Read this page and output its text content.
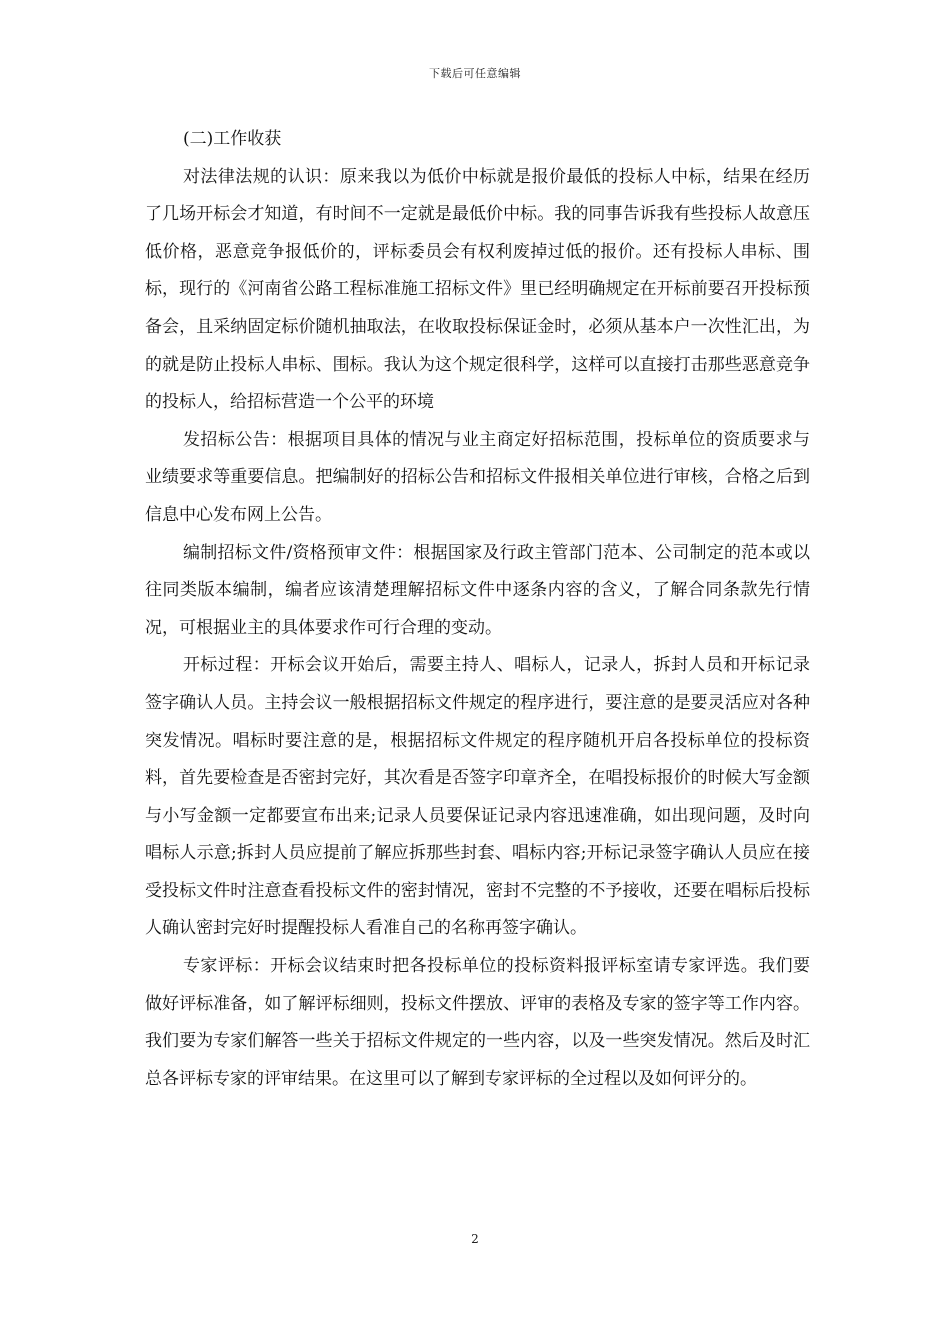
下载后可任意编辑

(二)工作收获

对法律法规的认识：原来我以为低价中标就是报价最低的投标人中标，结果在经历了几场开标会才知道，有时间不一定就是最低价中标。我的同事告诉我有些投标人故意压低价格，恶意竞争报低价的，评标委员会有权利废掉过低的报价。还有投标人串标、围标，现行的《河南省公路工程标准施工招标文件》里已经明确规定在开标前要召开投标预备会，且采纳固定标价随机抽取法，在收取投标保证金时，必须从基本户一次性汇出，为的就是防止投标人串标、围标。我认为这个规定很科学，这样可以直接打击那些恶意竞争的投标人，给招标营造一个公平的环境

发招标公告：根据项目具体的情况与业主商定好招标范围，投标单位的资质要求与业绩要求等重要信息。把编制好的招标公告和招标文件报相关单位进行审核，合格之后到信息中心发布网上公告。

编制招标文件/资格预审文件：根据国家及行政主管部门范本、公司制定的范本或以往同类版本编制，编者应该清楚理解招标文件中逐条内容的含义，了解合同条款先行情况，可根据业主的具体要求作可行合理的变动。

开标过程：开标会议开始后，需要主持人、唱标人，记录人，拆封人员和开标记录签字确认人员。主持会议一般根据招标文件规定的程序进行，要注意的是要灵活应对各种突发情况。唱标时要注意的是，根据招标文件规定的程序随机开启各投标单位的投标资料，首先要检查是否密封完好，其次看是否签字印章齐全，在唱投标报价的时候大写金额与小写金额一定都要宣布出来;记录人员要保证记录内容迅速准确，如出现问题，及时向唱标人示意;拆封人员应提前了解应拆那些封套、唱标内容;开标记录签字确认人员应在接受投标文件时注意查看投标文件的密封情况，密封不完整的不予接收，还要在唱标后投标人确认密封完好时提醒投标人看准自己的名称再签字确认。

专家评标：开标会议结束时把各投标单位的投标资料报评标室请专家评选。我们要做好评标准备，如了解评标细则，投标文件摆放、评审的表格及专家的签字等工作内容。我们要为专家们解答一些关于招标文件规定的一些内容，以及一些突发情况。然后及时汇总各评标专家的评审结果。在这里可以了解到专家评标的全过程以及如何评分的。

2
